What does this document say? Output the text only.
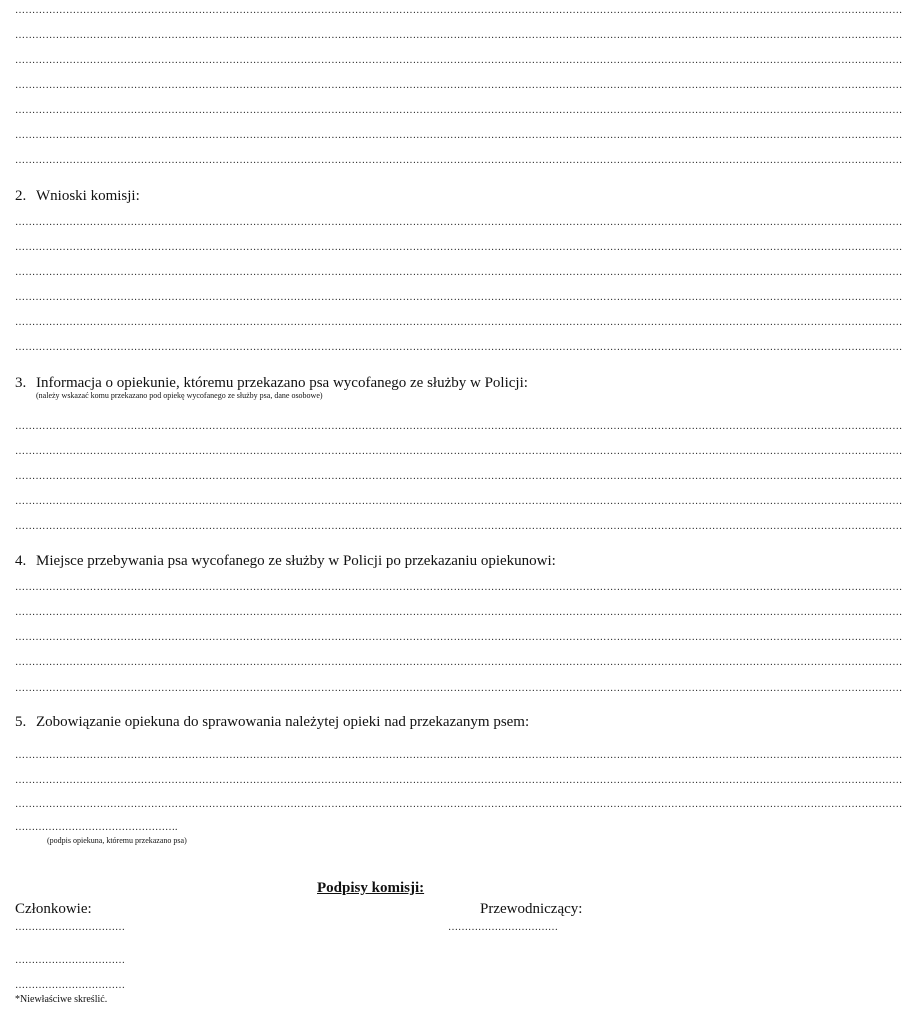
………………………………………………………………………………………………………………………………………………………………………………………………………………………………………
………………………………………………………………………………………………………………………………………………………………………………………………………………………………………
………………………………………………………………………………………………………………………………………………………………………………………………………………………………………
………………………………………………………………………………………………………………………………………………………………………………………………………………………………………
………………………………………………………………………………………………………………………………………………………………………………………………………………………………………
………………………………………………………………………………………………………………………………………………………………………………………………………………………………………
………………………………………………………………………………………………………………………………………………………………………………………………………………………………………
2. Wnioski komisji:
………………………………………………………………………………………………………………………………………………………………………………………………………………………………………
………………………………………………………………………………………………………………………………………………………………………………………………………………………………………
………………………………………………………………………………………………………………………………………………………………………………………………………………………………………
………………………………………………………………………………………………………………………………………………………………………………………………………………………………………
………………………………………………………………………………………………………………………………………………………………………………………………………………………………………
………………………………………………………………………………………………………………………………………………………………………………………………………………………………………
3. Informacja o opiekunie, któremu przekazano psa wycofanego ze służby w Policji:
(należy wskazać komu przekazano pod opiekę wycofanego ze służby psa, dane osobowe)
………………………………………………………………………………………………………………………………………………………………………………………………………………………………………
………………………………………………………………………………………………………………………………………………………………………………………………………………………………………
………………………………………………………………………………………………………………………………………………………………………………………………………………………………………
………………………………………………………………………………………………………………………………………………………………………………………………………………………………………
………………………………………………………………………………………………………………………………………………………………………………………………………………………………………
4. Miejsce przebywania psa wycofanego ze służby w Policji po przekazaniu opiekunowi:
………………………………………………………………………………………………………………………………………………………………………………………………………………………………………
………………………………………………………………………………………………………………………………………………………………………………………………………………………………………
………………………………………………………………………………………………………………………………………………………………………………………………………………………………………
………………………………………………………………………………………………………………………………………………………………………………………………………………………………………
………………………………………………………………………………………………………………………………………………………………………………………………………………………………………
5. Zobowiązanie opiekuna do sprawowania należytej opieki nad przekazanym psem:
………………………………………………………………………………………………………………………………………………………………………………………………………………………………………
………………………………………………………………………………………………………………………………………………………………………………………………………………………………………
………………………………………………………………………………………………………………………………………………………………………………………………………………………………………
………………………………………….
(podpis opiekuna, któremu przekazano psa)
Podpisy komisji:
Członkowie:	Przewodniczący:
……………………………	……………………………
……………………………
……………………………
*Niewłaściwe skreślić.
